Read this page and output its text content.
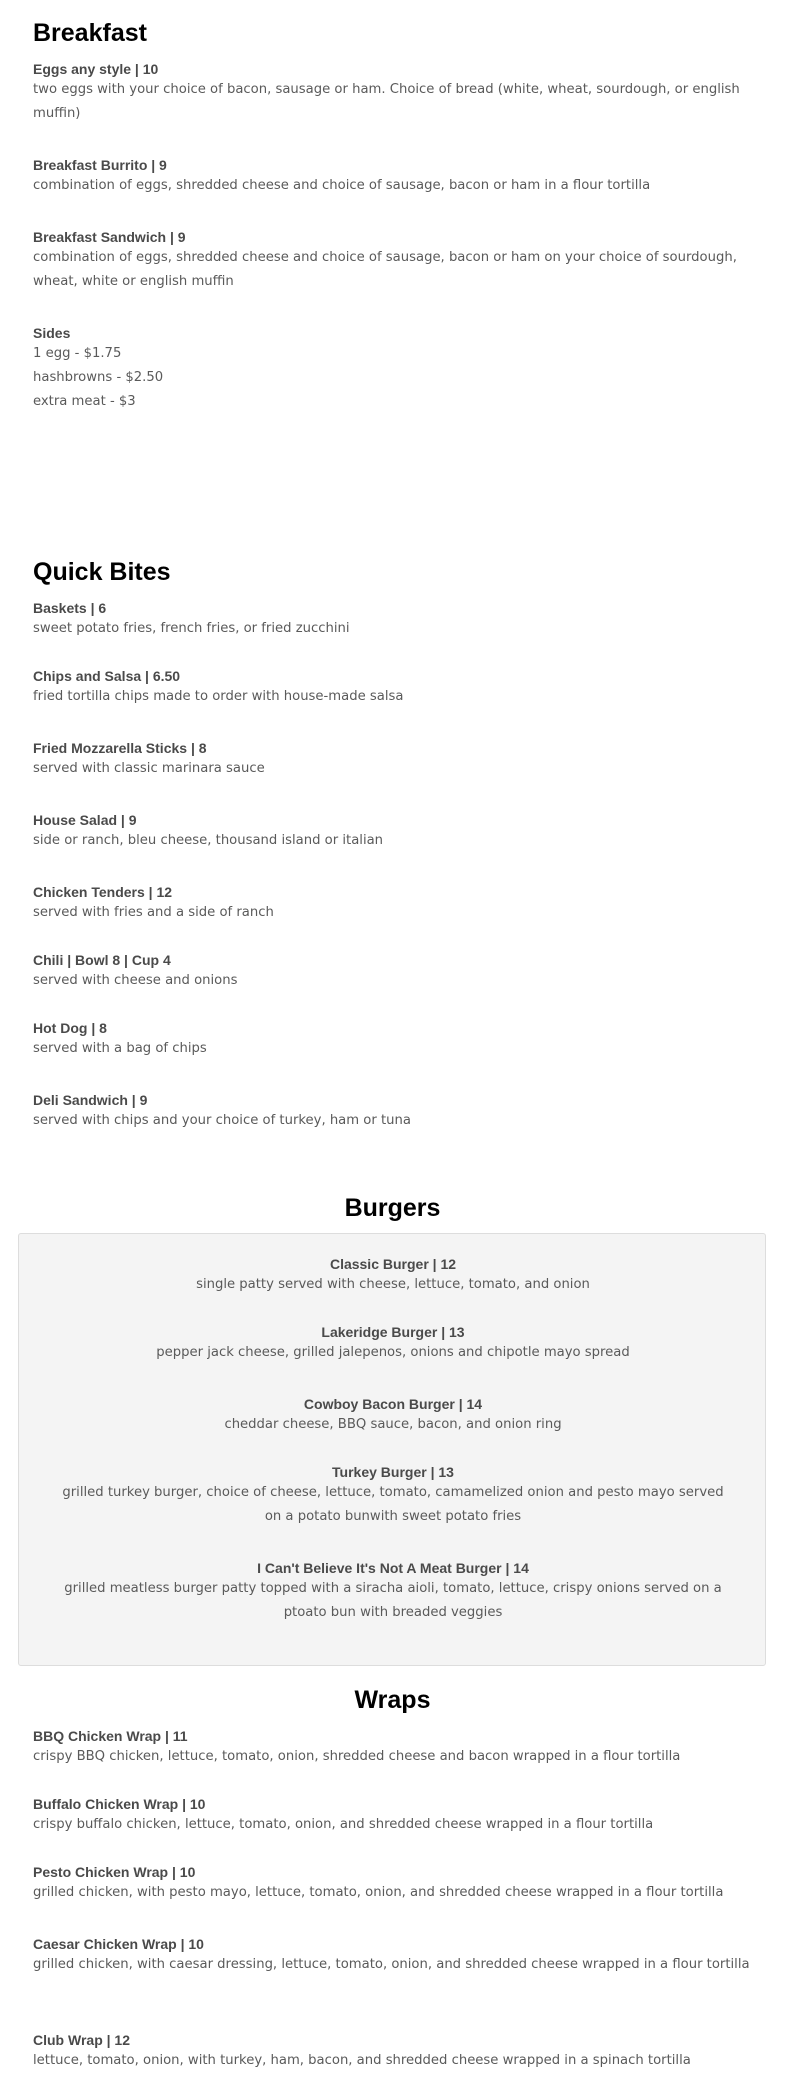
Breakfast

Eggs any style | 10

two eggs with your choice of bacon, sausage or ham. Choice of bread (white, wheat, sourdough, or english muffin)

Breakfast Burrito | 9

combination of eggs, shredded cheese and choice of sausage, bacon or ham in a flour tortilla

Breakfast Sandwich | 9

combination of eggs, shredded cheese and choice of sausage, bacon or ham on your choice of sourdough, wheat, white or english muffin

Sides

1 egg - $1.75

hashbrowns - $2.50

extra meat - $3

Quick Bites

Baskets | 6

sweet potato fries, french fries, or fried zucchini

Chips and Salsa | 6.50

fried tortilla chips made to order with house-made salsa

Fried Mozzarella Sticks | 8

served with classic marinara sauce

House Salad | 9

side or ranch, bleu cheese, thousand island or italian

Chicken Tenders | 12

served with fries and a side of ranch

Chili | Bowl 8 | Cup 4

served with cheese and onions

Hot Dog | 8

served with a bag of chips

Deli Sandwich | 9

served with chips and your choice of turkey, ham or tuna

Burgers

Classic Burger | 12

single patty served with cheese, lettuce, tomato, and onion

Lakeridge Burger | 13

pepper jack cheese, grilled jalepenos, onions and chipotle mayo spread

Cowboy Bacon Burger | 14

cheddar cheese, BBQ sauce, bacon, and onion ring

Turkey Burger | 13

grilled turkey burger, choice of cheese, lettuce, tomato, camamelized onion and pesto mayo served on a potato bunwith sweet potato fries

I Can't Believe It's Not A Meat Burger | 14

grilled meatless burger patty topped with a siracha aioli, tomato, lettuce, crispy onions served on a ptoato bun with breaded veggies

Wraps

BBQ Chicken Wrap | 11

crispy BBQ chicken, lettuce, tomato, onion, shredded cheese and bacon wrapped in a flour tortilla

Buffalo Chicken Wrap | 10

crispy buffalo chicken, lettuce, tomato, onion, and shredded cheese wrapped in a flour tortilla

Pesto Chicken Wrap | 10

grilled chicken, with pesto mayo, lettuce, tomato, onion, and shredded cheese wrapped in a flour tortilla

Caesar Chicken Wrap | 10

grilled chicken, with caesar dressing, lettuce, tomato, onion, and shredded cheese wrapped in a flour tortilla

Club Wrap | 12

lettuce, tomato, onion, with turkey, ham, bacon, and shredded cheese wrapped in a spinach tortilla
